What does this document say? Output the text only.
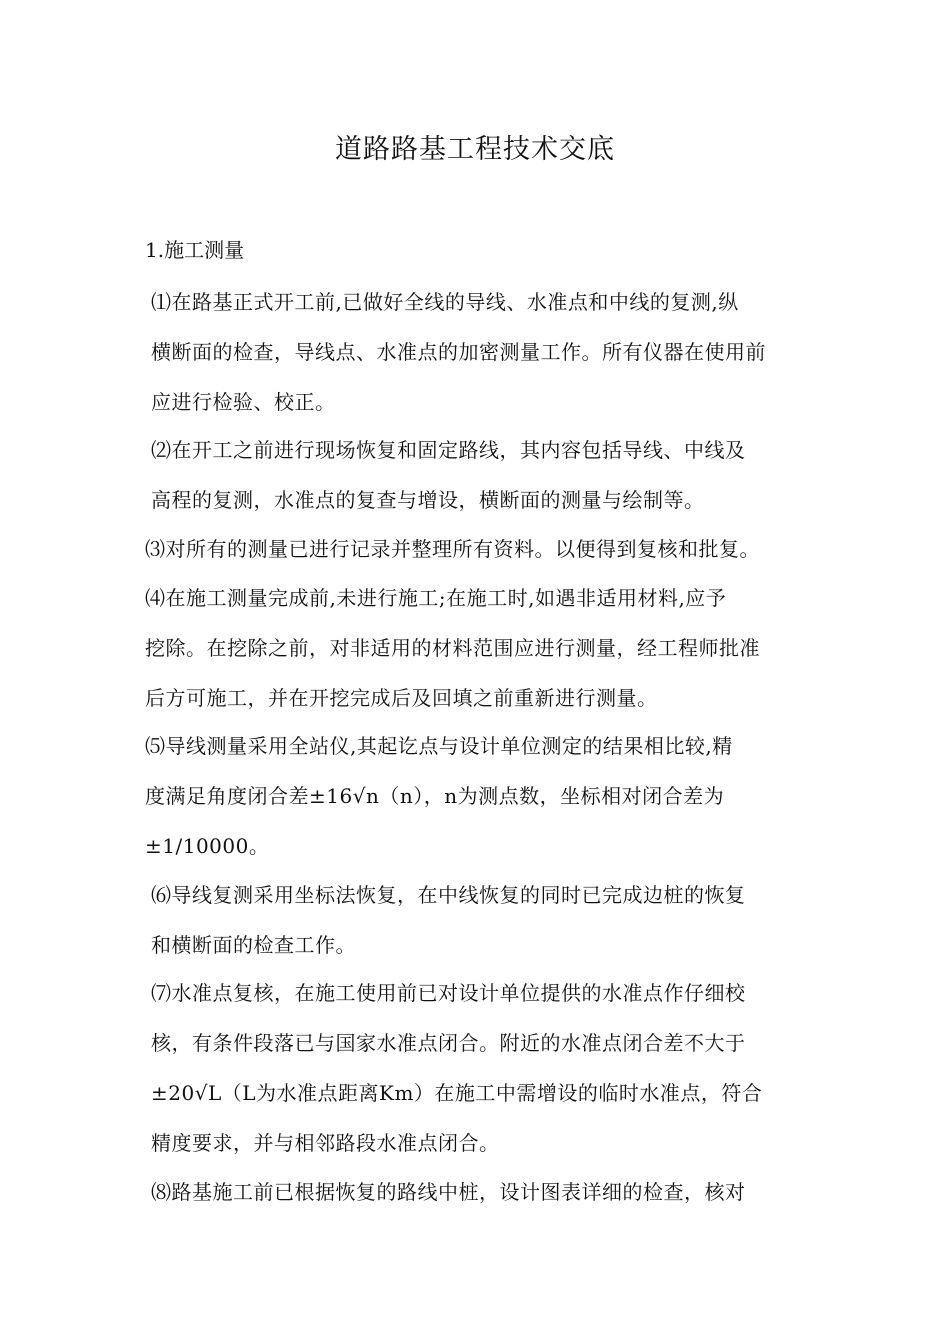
道路路基工程技术交底
1.施工测量

⑴在路基正式开工前,已做好全线的导线、水准点和中线的复测,纵
横断面的检查，导线点、水准点的加密测量工作。所有仪器在使用前
应进行检验、校正。

⑵在开工之前进行现场恢复和固定路线，其内容包括导线、中线及
高程的复测，水准点的复查与增设，横断面的测量与绘制等。

⑶对所有的测量已进行记录并整理所有资料。以便得到复核和批复。

⑷在施工测量完成前,未进行施工;在施工时,如遇非适用材料,应予
挖除。在挖除之前，对非适用的材料范围应进行测量，经工程师批准
后方可施工，并在开挖完成后及回填之前重新进行测量。

⑸导线测量采用全站仪,其起讫点与设计单位测定的结果相比较,精
度满足角度闭合差±16√n（n），n为测点数，坐标相对闭合差为
±1/10000。

⑹导线复测采用坐标法恢复，在中线恢复的同时已完成边桩的恢复
和横断面的检查工作。

⑺水准点复核，在施工使用前已对设计单位提供的水准点作仔细校
核，有条件段落已与国家水准点闭合。附近的水准点闭合差不大于
±20√L（L为水准点距离Km）在施工中需增设的临时水准点，符合
精度要求，并与相邻路段水准点闭合。

⑻路基施工前已根据恢复的路线中桩，设计图表详细的检查，核对
